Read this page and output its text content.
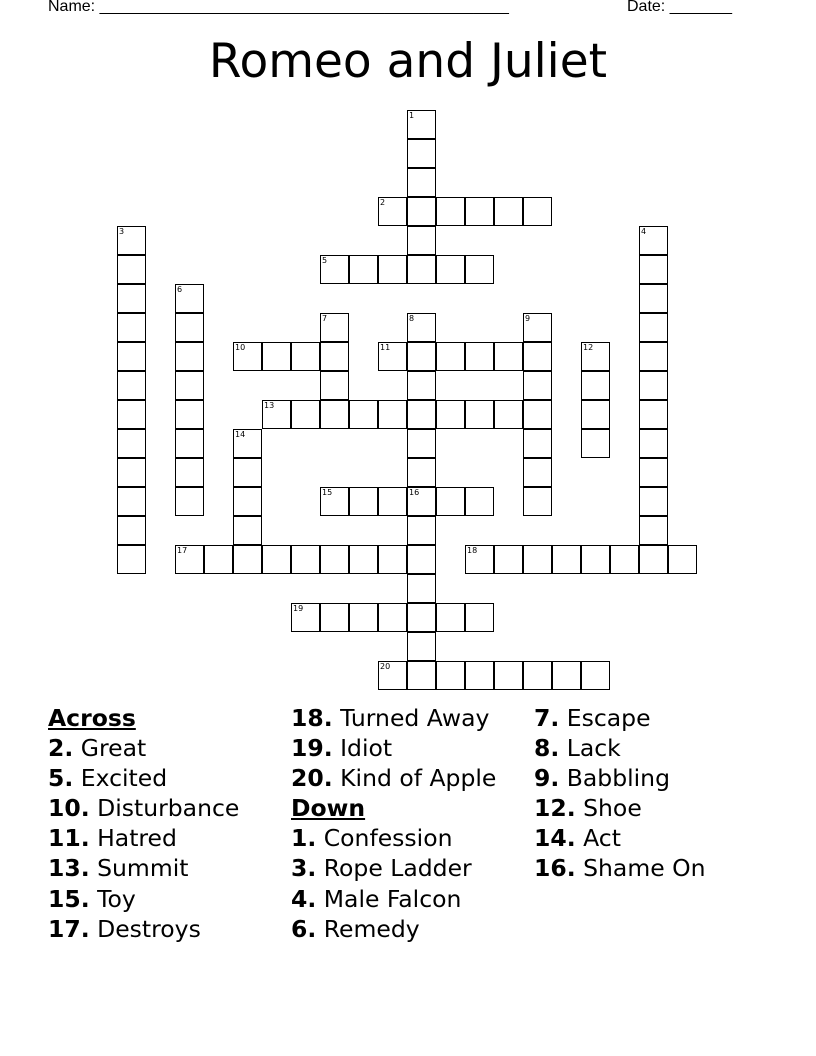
Name: ______________________________________________	Date: _______
Romeo and Juliet
1
2
3	4
5
6
7	8	9
10	11	12
13
14
15	16
17	18
19
20
Across
2. Great
5. Excited
10. Disturbance
11. Hatred
13. Summit
15. Toy
17. Destroys
18. Turned Away
19. Idiot
20. Kind of Apple
Down
1. Confession
3. Rope Ladder
4. Male Falcon
6. Remedy
7. Escape
8. Lack
9. Babbling
12. Shoe
14. Act
16. Shame On
